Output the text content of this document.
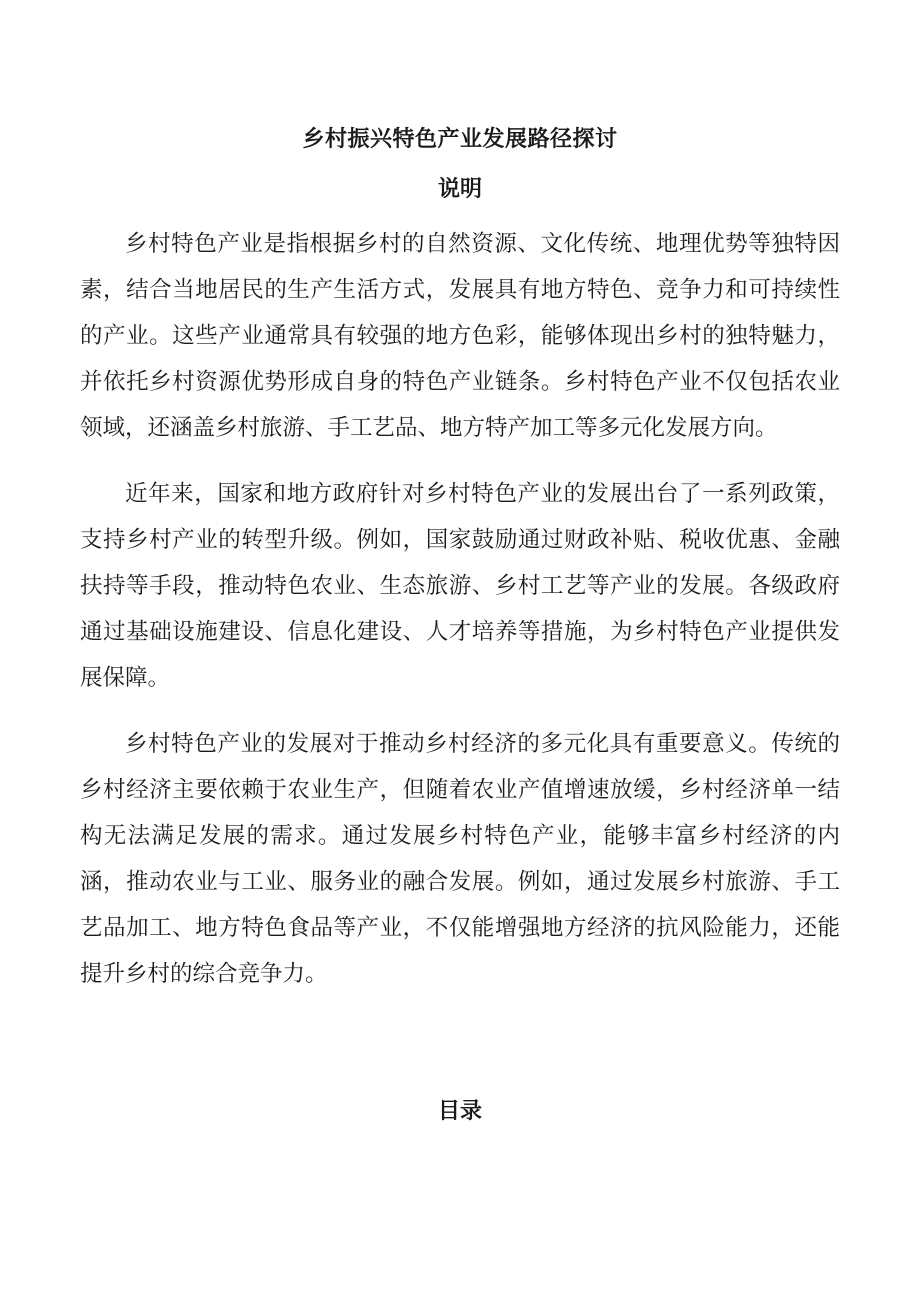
乡村振兴特色产业发展路径探讨
说明

乡村特色产业是指根据乡村的自然资源、文化传统、地理优势等独特因素，结合当地居民的生产生活方式，发展具有地方特色、竞争力和可持续性的产业。这些产业通常具有较强的地方色彩，能够体现出乡村的独特魅力，并依托乡村资源优势形成自身的特色产业链条。乡村特色产业不仅包括农业领域，还涵盖乡村旅游、手工艺品、地方特产加工等多元化发展方向。

近年来，国家和地方政府针对乡村特色产业的发展出台了一系列政策，支持乡村产业的转型升级。例如，国家鼓励通过财政补贴、税收优惠、金融扶持等手段，推动特色农业、生态旅游、乡村工艺等产业的发展。各级政府通过基础设施建设、信息化建设、人才培养等措施，为乡村特色产业提供发展保障。

乡村特色产业的发展对于推动乡村经济的多元化具有重要意义。传统的乡村经济主要依赖于农业生产，但随着农业产值增速放缓，乡村经济单一结构无法满足发展的需求。通过发展乡村特色产业，能够丰富乡村经济的内涵，推动农业与工业、服务业的融合发展。例如，通过发展乡村旅游、手工艺品加工、地方特色食品等产业，不仅能增强地方经济的抗风险能力，还能提升乡村的综合竞争力。

目录
